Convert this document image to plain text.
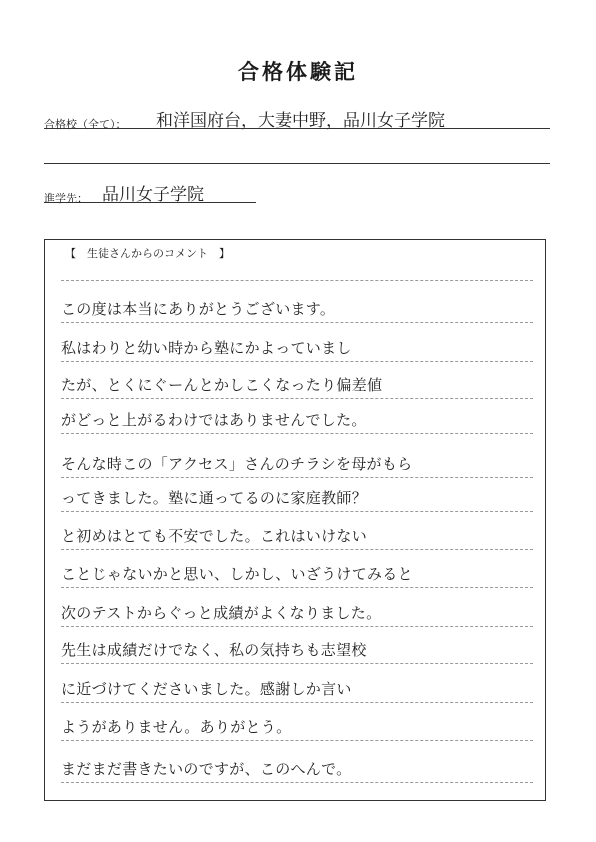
合格体験記
合格校（全て）： 和洋国府台，大妻中野，品川女子学院
進学先： 品川女子学院
【　生徒さんからのコメント　】
この度は本当にありがとうございます。
私はわりと幼い時から塾にかよっていまし
たが、とくにぐーんとかしこくなったり偏差値
がどっと上がるわけではありませんでした。
そんな時この「アクセス」さんのチラシを母がもら
ってきました。塾に通ってるのに家庭教師？
と初めはとても不安でした。これはいけない
ことじゃないかと思い、しかし、いざうけてみると
次のテストからぐっと成績がよくなりました。
先生は成績だけでなく、私の気持ちも志望校
に近づけてくださいました。感謝しか言い
ようがありません。ありがとう。
まだまだ書きたいのですが、このへんで。
